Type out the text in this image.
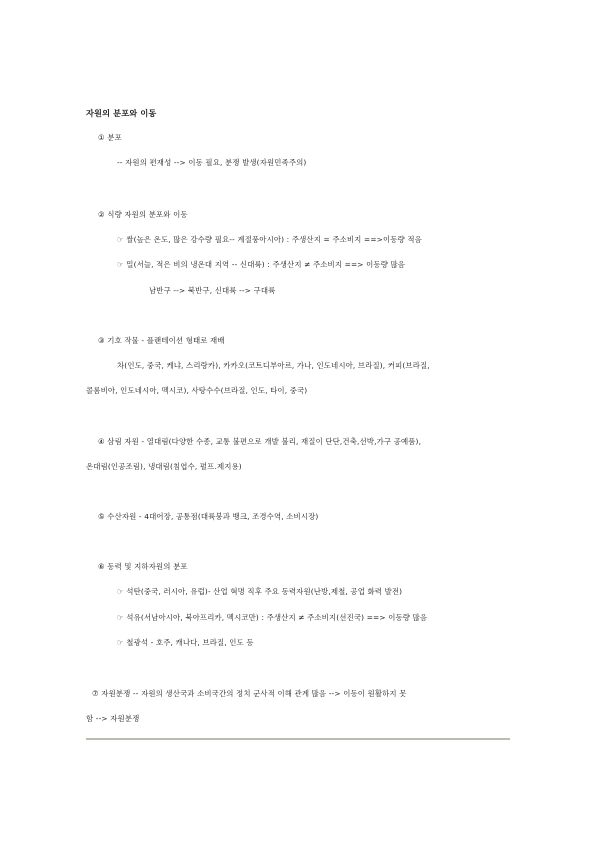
자원의 분포와 이동
① 분포
-- 자원의 편재성 --> 이동 필요, 분쟁 발생(자원민족주의)
② 식량 자원의 분포와 이동
☞ 쌀(높은 온도, 많은 강수량 필요-- 계절풍아시아) : 주생산지 = 주소비지 ==>이동량 적음
☞ 밀(서늘, 적은 비의 냉온대 지역 -- 신대륙) : 주생산지 ≠ 주소비지 ==> 이동량 많음
남반구 --> 북반구, 신대륙 --> 구대륙
③ 기호 작물 - 플랜테이션 형태로 재배
차(인도, 중국, 케냐, 스리랑카), 카카오(코트디부아르, 가나, 인도네시아, 브라질), 커피(브라질,
콜롬비아, 인도네시아, 멕시코), 사탕수수(브라질, 인도, 타이, 중국)
④ 삼림 자원 - 열대림(다양한 수종, 교통 불편으로 개발 불리, 재질이 단단,건축,선박,가구 공예품),
온대림(인공조림), 냉대림(침엽수, 펄프.제지용)
⑤ 수산자원 - 4대어장, 공통점(대륙붕과 뱅크, 조경수역, 소비시장)
⑥ 동력 및 지하자원의 분포
☞ 석탄(중국, 러시아, 유럽)- 산업 혁명 직후 주요 동력자원(난방,제철, 공업 화력 발전)
☞ 석유(서남아시아, 북아프리카, 멕시코만) : 주생산지 ≠ 주소비지(선진국) ==> 이동량 많음
☞ 철광석 - 호주, 캐나다, 브라질, 인도 등
⑦ 자원분쟁 -- 자원의 생산국과 소비국간의 정치 군사적 이해 관계 많음 --> 이동이 원활하지 못
함 --> 자원분쟁
